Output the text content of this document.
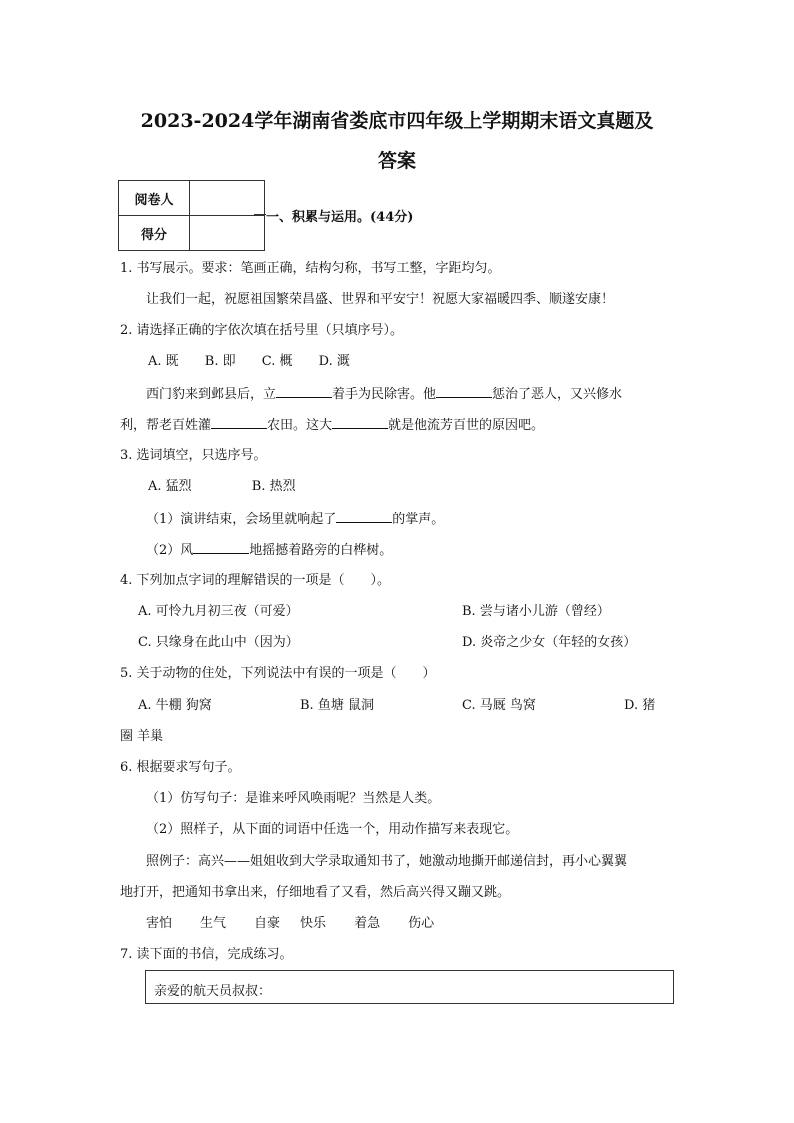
2023-2024学年湖南省娄底市四年级上学期期末语文真题及
答案
阅卷人	
得分	
一、积累与运用。(44分)
1. 书写展示。要求：笔画正确，结构匀称，书写工整，字距均匀。
让我们一起，祝愿祖国繁荣昌盛、世界和平安宁！祝愿大家福暖四季、顺遂安康！
2. 请选择正确的字依次填在括号里（只填序号）。
A. 既 B. 即 C. 概 D. 溉
西门豹来到邺县后，立	着手为民除害。他	惩治了恶人，又兴修水
利，帮老百姓灌	农田。这大	就是他流芳百世的原因吧。
3. 选词填空，只选序号。
A. 猛烈	B. 热烈
（1）演讲结束，会场里就响起了	的掌声。
（2）风	地摇撼着路旁的白桦树。
4. 下列加点字词的理解错误的一项是（　　）。
A. 可怜九月初三夜（可爱）	B. 尝与诸小儿游（曾经）
C. 只缘身在此山中（因为）	D. 炎帝之少女（年轻的女孩）
5. 关于动物的住处，下列说法中有误的一项是（　　）
A. 牛棚 狗窝	B. 鱼塘 鼠洞	C. 马厩 鸟窝	D. 猪
圈 羊巢
6. 根据要求写句子。
（1）仿写句子：是谁来呼风唤雨呢？当然是人类。
（2）照样子，从下面的词语中任选一个，用动作描写来表现它。
照例子：高兴——姐姐收到大学录取通知书了，她激动地撕开邮递信封，再小心翼翼
地打开，把通知书拿出来，仔细地看了又看，然后高兴得又蹦又跳。
害怕 生气 自豪 快乐 着急 伤心
7. 读下面的书信，完成练习。
亲爱的航天员叔叔：
